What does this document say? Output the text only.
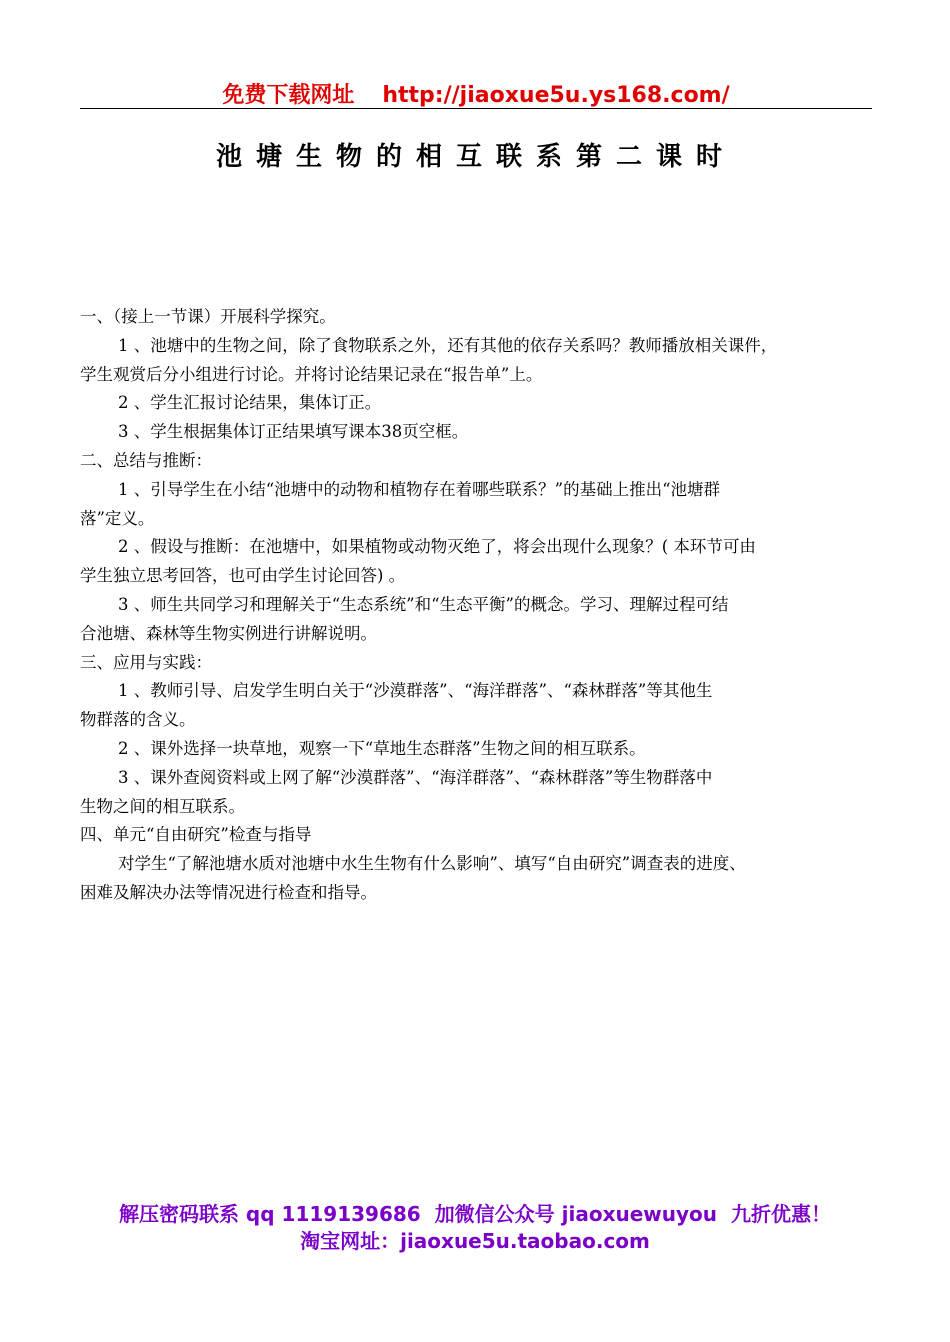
免费下载网址 http://jiaoxue5u.ys168.com/
池塘生物的相互联系第二课时
一、（接上一节课）开展科学探究。
1 、池塘中的生物之间，除了食物联系之外，还有其他的依存关系吗？教师播放相关课件，
学生观赏后分小组进行讨论。并将讨论结果记录在“报告单”上。
2 、学生汇报讨论结果，集体订正。
3 、学生根据集体订正结果填写课本38页空框。
二、总结与推断：
1 、引导学生在小结“池塘中的动物和植物存在着哪些联系？”的基础上推出“池塘群
落”定义。
2 、假设与推断：在池塘中，如果植物或动物灭绝了，将会出现什么现象？( 本环节可由
学生独立思考回答，也可由学生讨论回答) 。
3 、师生共同学习和理解关于“生态系统”和“生态平衡”的概念。学习、理解过程可结
合池塘、森林等生物实例进行讲解说明。
三、应用与实践：
1 、教师引导、启发学生明白关于“沙漠群落”、“海洋群落”、“森林群落”等其他生
物群落的含义。
2 、课外选择一块草地，观察一下“草地生态群落”生物之间的相互联系。
3 、课外查阅资料或上网了解“沙漠群落”、“海洋群落”、“森林群落”等生物群落中
生物之间的相互联系。
四、单元“自由研究”检查与指导
对学生“了解池塘水质对池塘中水生生物有什么影响”、填写“自由研究”调查表的进度、
困难及解决办法等情况进行检查和指导。
解压密码联系 qq 1119139686 加微信公众号 jiaoxuewuyou 九折优惠！
淘宝网址：jiaoxue5u.taobao.com
